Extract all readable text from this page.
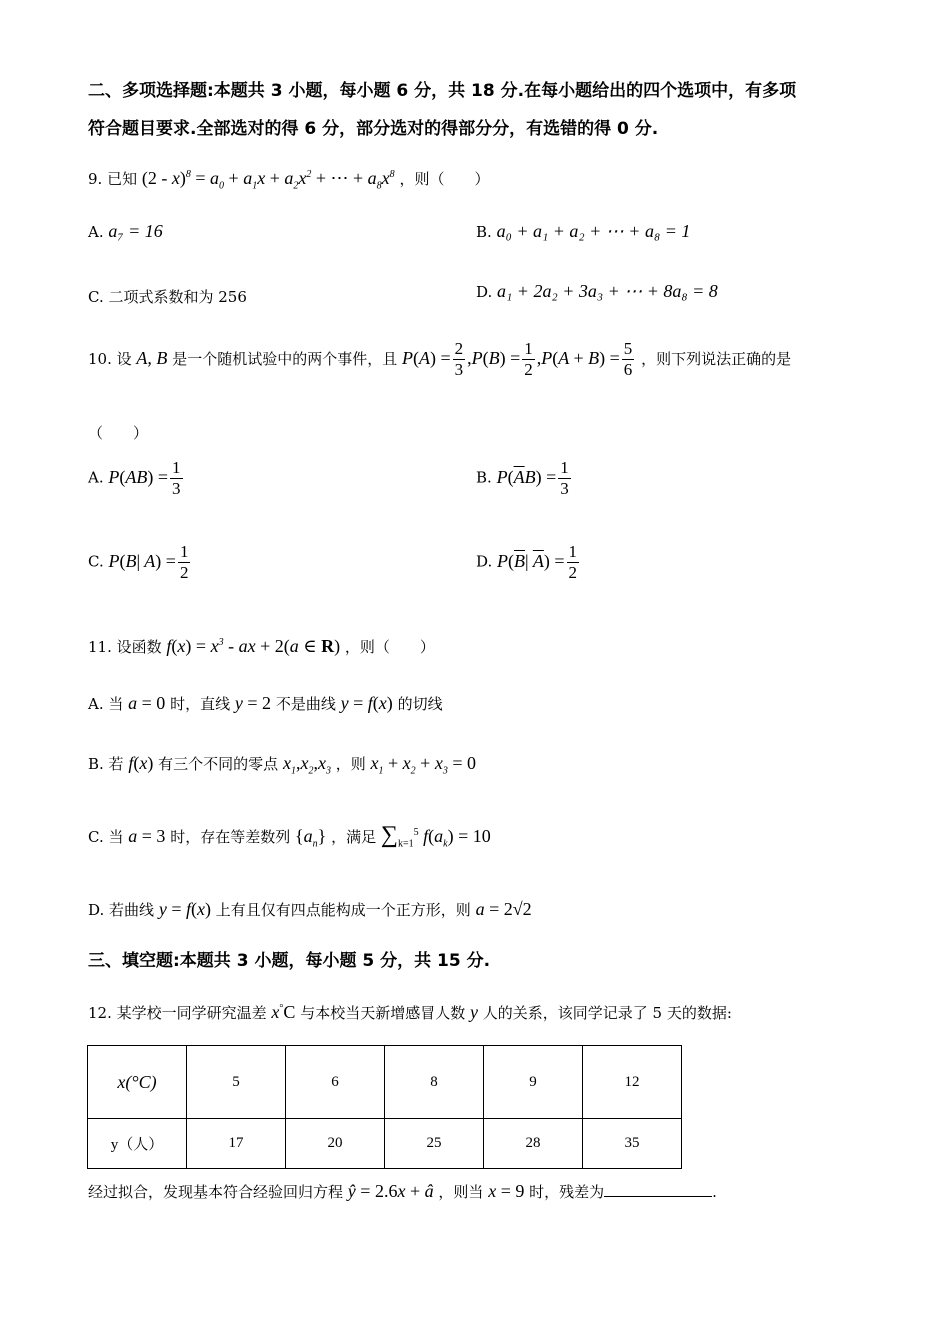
二、多项选择题:本题共 3 小题，每小题 6 分，共 18 分.在每小题给出的四个选项中，有多项
符合题目要求.全部选对的得 6 分，部分选对的得部分分，有选错的得 0 分.
9. 已知 $(2 - x)^8 = a_0 + a_1x + a_2x^2$ + ⋯ + $a_8x^8$ ，则（　　）
A. a₇ = 16	B. a₀ + a₁ + a₂ + ⋯ + a₈ = 1
C. 二项式系数和为 256	D. a₁ + 2a₂ + 3a₃ + ⋯ + 8a₈ = 8
10. 设 A, B 是一个随机试验中的两个事件，且 $P(A) = \frac{2}{3} ,P(B) = \frac{1}{2} ,P(A + B) = \frac{5}{6}$ ，则下列说法正确的是
（　　）
A. $P(AB) = \frac{1}{3}$	B. $P(\overline{A}B) = \frac{1}{3}$
C. P(B| $A) = \frac{1}{2}$	D. $P(\overline{B}|$ $\overline{A}) = \frac{1}{2}$
11. 设函数 $f(x) = x^3$ - ax + 2(a ∈ R) ，则（　　）
A. 当 a = 0 时，直线 y = 2 不是曲线 y = f(x) 的切线
B. 若 f(x) 有三个不同的零点 $x_1,x_2,x_3$ ，则 $x_1 + x_2 + x_3 = 0$
C. 当 a = 3 时，存在等差数列 $\{a_n\}$ ，满足 $\sum_{k=1}^5$ $f(a_k) = 10$
D. 若曲线 y = f(x) 上有且仅有四点能构成一个正方形，则 a = 2√2
三、填空题:本题共 3 小题，每小题 5 分，共 15 分.
12. 某学校一同学研究温差 x°C 与本校当天新增感冒人数 y 人的关系，该同学记录了 5 天的数据:
x(°C)	5	6	8	9	12
y（人）	17	20	25	28	35
经过拟合，发现基本符合经验回归方程 ŷ = 2.6x + â ，则当 x = 9 时，残差为	.
